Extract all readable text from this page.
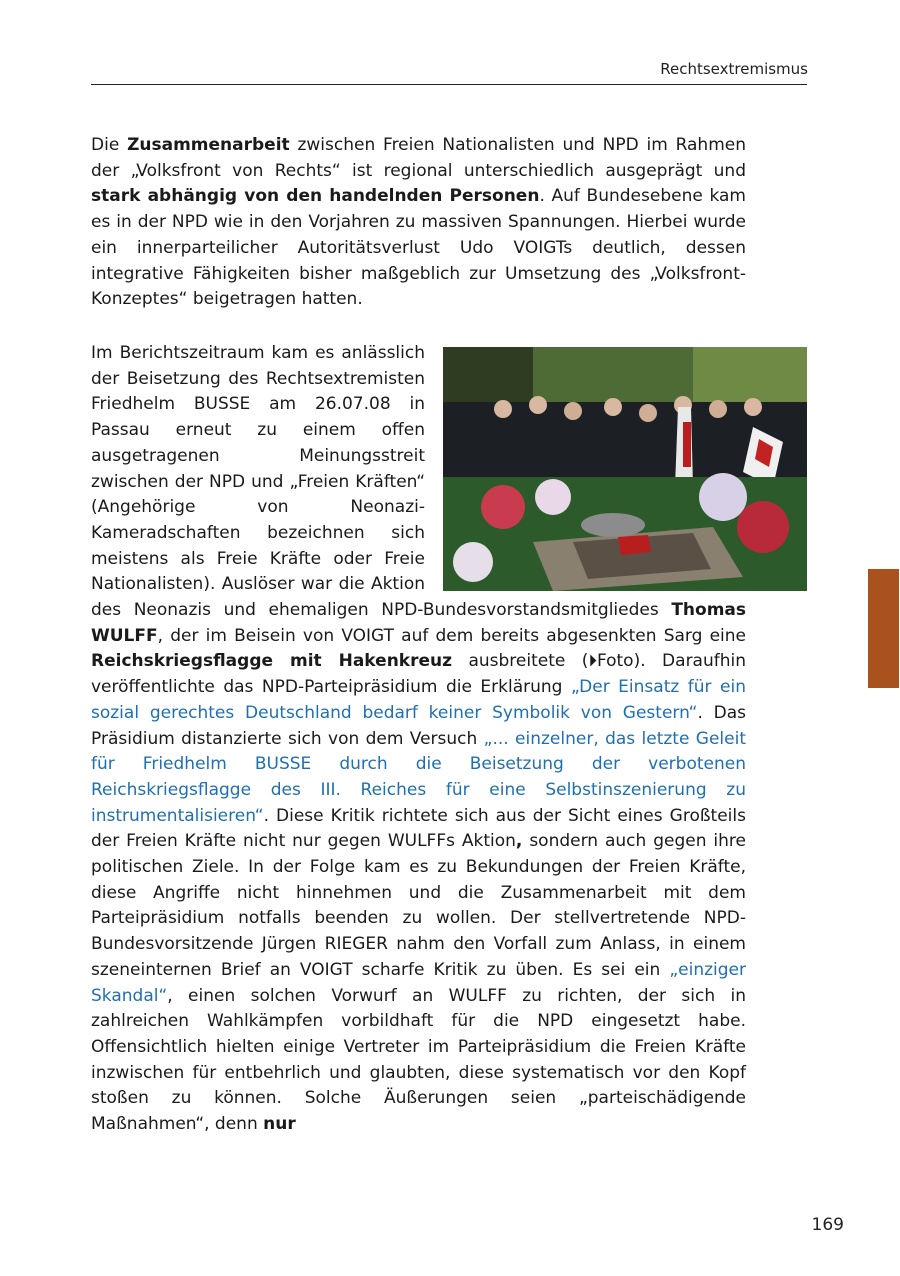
Rechtsextremismus
Die Zusammenarbeit zwischen Freien Nationalisten und NPD im Rahmen der „Volksfront von Rechts“ ist regional unterschiedlich ausgeprägt und stark abhängig von den handelnden Personen. Auf Bundesebene kam es in der NPD wie in den Vorjahren zu massiven Spannungen. Hierbei wurde ein innerparteilicher Autoritätsverlust Udo VOIGTs deutlich, dessen integrative Fähigkeiten bisher maßgeblich zur Umsetzung des „Volksfront-Konzeptes“ beigetragen hatten.
Im Berichtszeitraum kam es anlässlich der Beisetzung des Rechtsextremisten Friedhelm BUSSE am 26.07.08 in Passau erneut zu einem offen ausgetragenen Meinungsstreit zwischen der NPD und „Freien Kräften“ (Angehörige von Neonazi-Kameradschaften bezeichnen sich meistens als Freie Kräfte oder Freie Nationalisten). Auslöser war die Aktion des Neonazis und ehemaligen NPD-Bundesvorstandsmitgliedes Thomas WULFF, der im Beisein von VOIGT auf dem bereits abgesenkten Sarg eine Reichskriegsflagge mit Hakenkreuz ausbreitete (⏵Foto). Daraufhin veröffentlichte das NPD-Parteipräsidium die Erklärung „Der Einsatz für ein sozial gerechtes Deutschland bedarf keiner Symbolik von Gestern“. Das Präsidium distanzierte sich von dem Versuch „... einzelner, das letzte Geleit für Friedhelm BUSSE durch die Beisetzung der verbotenen Reichskriegsflagge des III. Reiches für eine Selbstinszenierung zu instrumentalisieren“. Diese Kritik richtete sich aus der Sicht eines Großteils der Freien Kräfte nicht nur gegen WULFFs Aktion, sondern auch gegen ihre politischen Ziele. In der Folge kam es zu Bekundungen der Freien Kräfte, diese Angriffe nicht hinnehmen und die Zusammenarbeit mit dem Parteipräsidium notfalls beenden zu wollen. Der stellvertretende NPD-Bundesvorsitzende Jürgen RIEGER nahm den Vorfall zum Anlass, in einem szeneinternen Brief an VOIGT scharfe Kritik zu üben. Es sei ein „einziger Skandal“, einen solchen Vorwurf an WULFF zu richten, der sich in zahlreichen Wahlkämpfen vorbildhaft für die NPD eingesetzt habe. Offensichtlich hielten einige Vertreter im Parteipräsidium die Freien Kräfte inzwischen für entbehrlich und glaubten, diese systematisch vor den Kopf stoßen zu können. Solche Äußerungen seien „parteischädigende Maßnahmen“, denn nur
169
